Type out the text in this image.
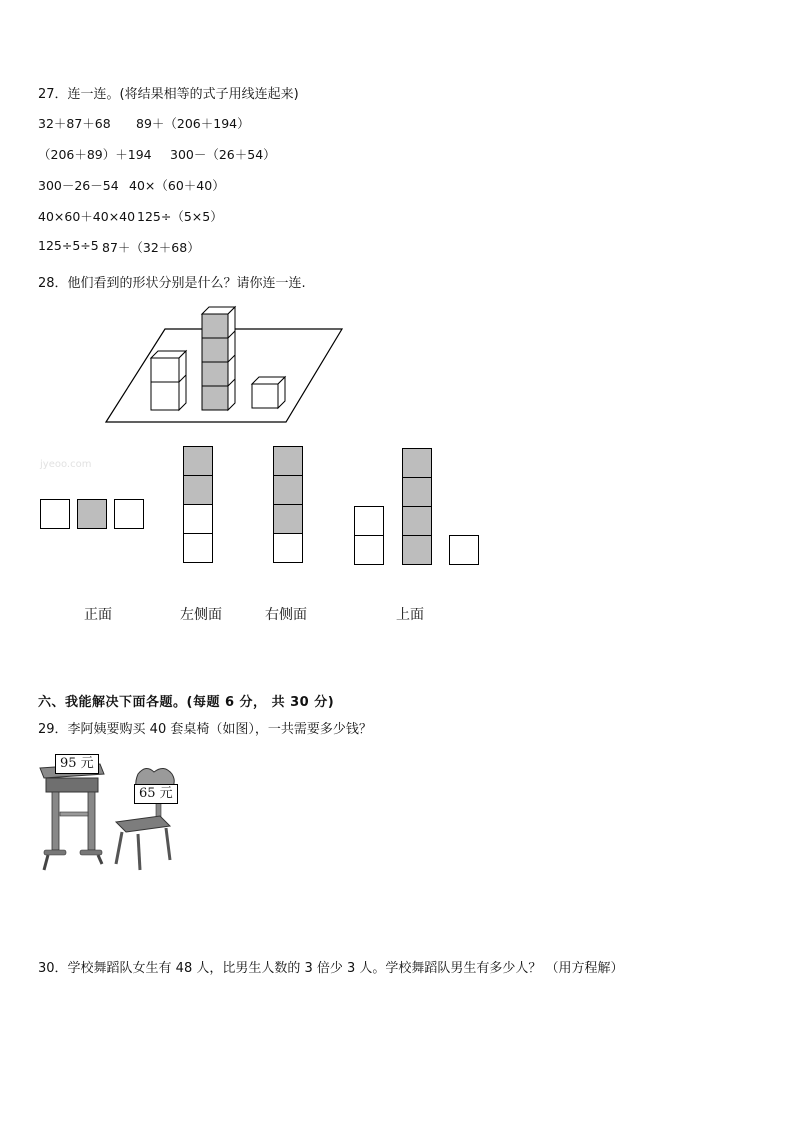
27．连一连。(将结果相等的式子用线连起来)
32＋87＋68 89＋（206＋194）
（206＋89）＋194 300－（26＋54）
300－26－54 40×（60＋40）
40×60＋40×40 125÷（5×5）
125÷5÷5 87＋（32＋68）
28．他们看到的形状分别是什么？请你连一连.
jyeoo.com
正面	左侧面	右侧面	上面
六、我能解决下面各题。(每题 6 分， 共 30 分)
29．李阿姨要购买 40 套桌椅（如图），一共需要多少钱？
95 元
65 元
30．学校舞蹈队女生有 48 人，比男生人数的 3 倍少 3 人。学校舞蹈队男生有多少人？ （用方程解）
